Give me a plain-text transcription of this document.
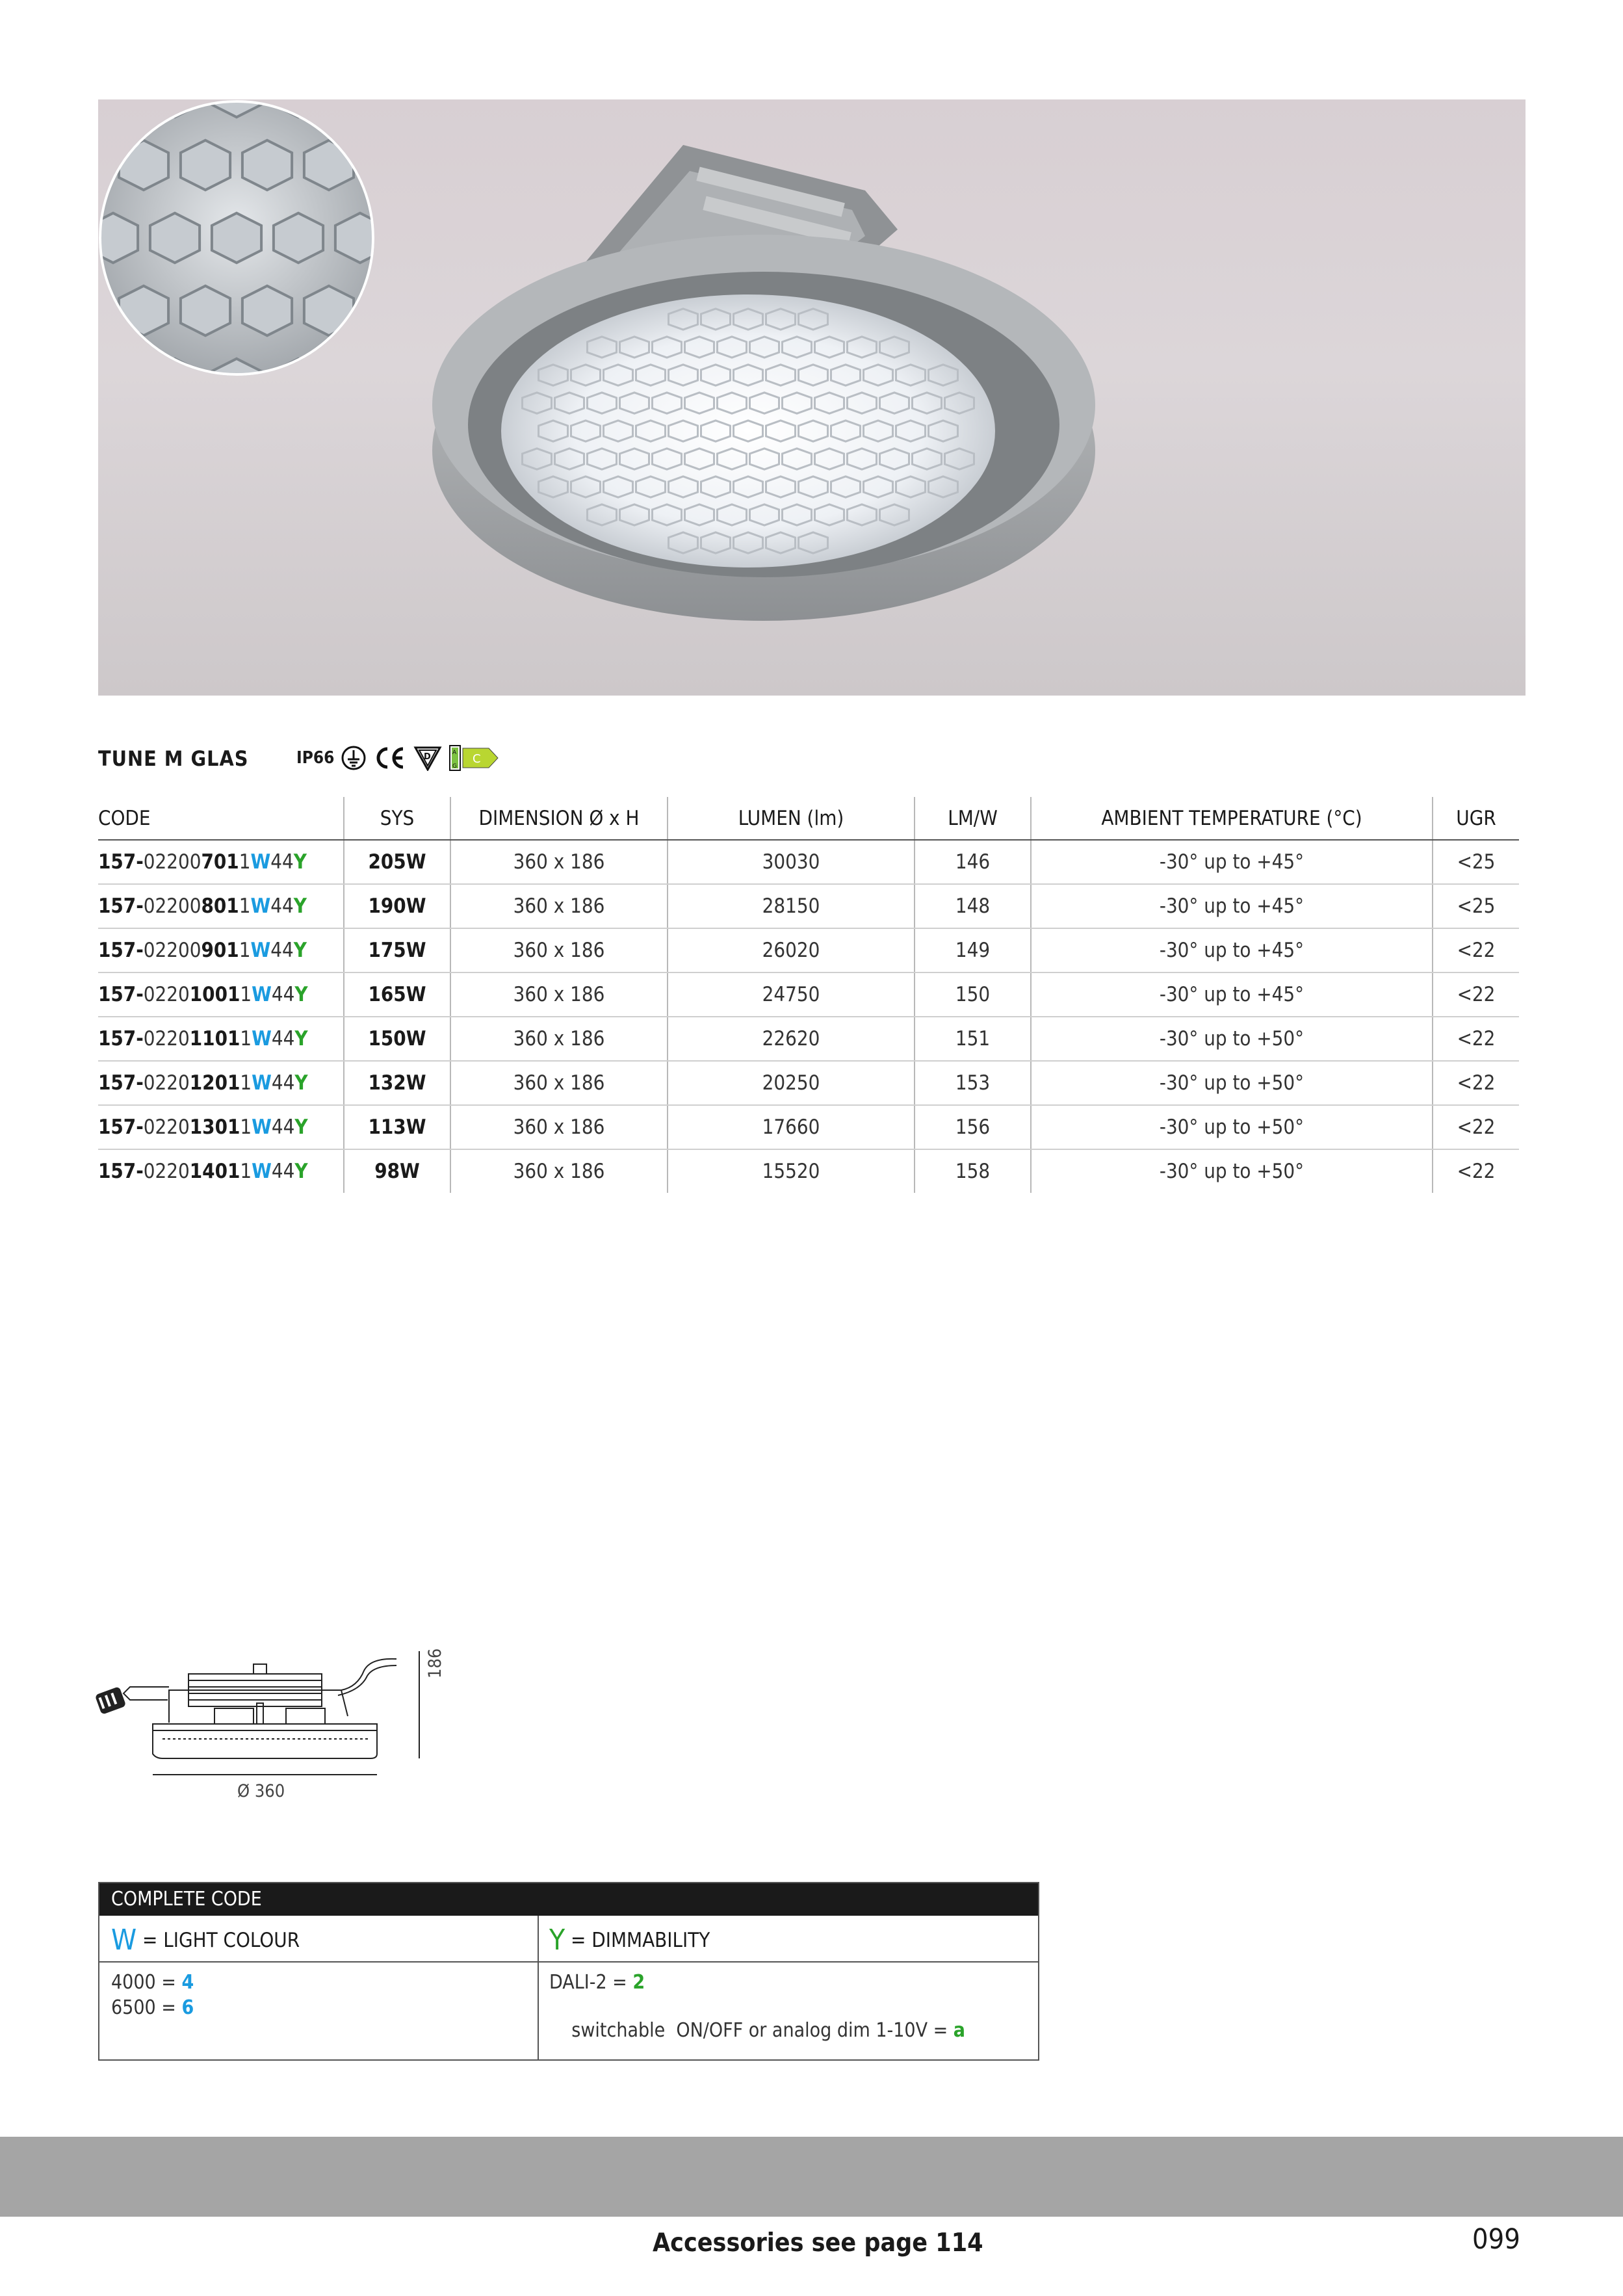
TUNE M GLAS	IP66	D	A
G
C
CODE	SYS	DIMENSION Ø x H	LUMEN (lm)	LM/W	AMBIENT TEMPERATURE (°C)	UGR
157-022007011W44Y	205W	360 x 186	30030	146	-30° up to +45°	<25
157-022008011W44Y	190W	360 x 186	28150	148	-30° up to +45°	<25
157-022009011W44Y	175W	360 x 186	26020	149	-30° up to +45°	<22
157-022010011W44Y	165W	360 x 186	24750	150	-30° up to +45°	<22
157-022011011W44Y	150W	360 x 186	22620	151	-30° up to +50°	<22
157-022012011W44Y	132W	360 x 186	20250	153	-30° up to +50°	<22
157-022013011W44Y	113W	360 x 186	17660	156	-30° up to +50°	<22
157-022014011W44Y	98W	360 x 186	15520	158	-30° up to +50°	<22
186
Ø 360
COMPLETE CODE
W = LIGHT COLOUR	Y = DIMMABILITY
4000 = 4
6500 = 6
DALI-2 = 2

switchable  ON/OFF or analog dim 1-10V = a

Accessories see page 114	099
